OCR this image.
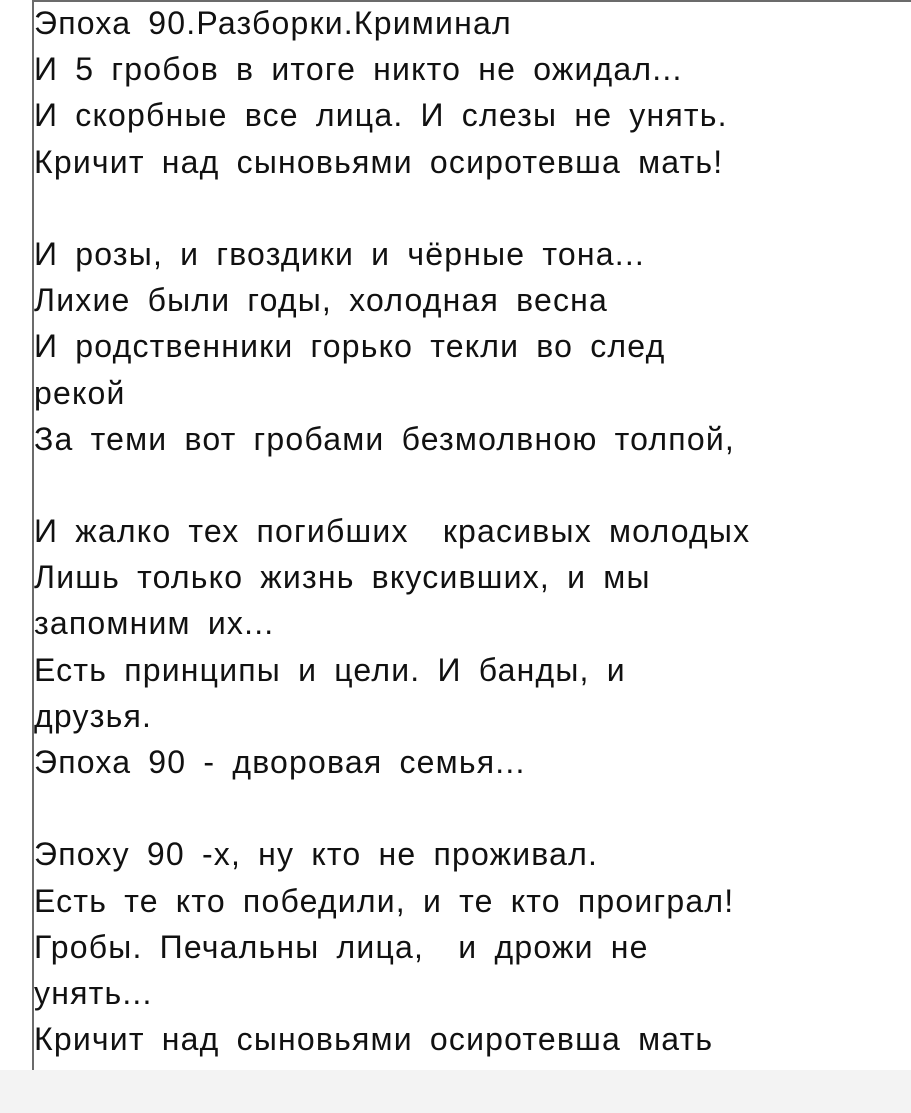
Эпоха 90.Разборки.Криминал
И 5 гробов в итоге никто не ожидал...
И скорбные все лица. И слезы не унять.
Кричит над сыновьями осиротевша мать!
И розы, и гвоздики и чёрные тона...
Лихие были годы, холодная весна
И родственники горько текли во след
рекой
За теми вот гробами безмолвною толпой,
И жалко тех погибших  красивых молодых
Лишь только жизнь вкусивших, и мы
запомним их...
Есть принципы и цели. И банды, и
друзья.
Эпоха 90 - дворовая семья...
Эпоху 90 -х, ну кто не проживал.
Есть те кто победили, и те кто проиграл!
Гробы. Печальны лица,  и дрожи не
унять...
Кричит над сыновьями осиротевша мать
